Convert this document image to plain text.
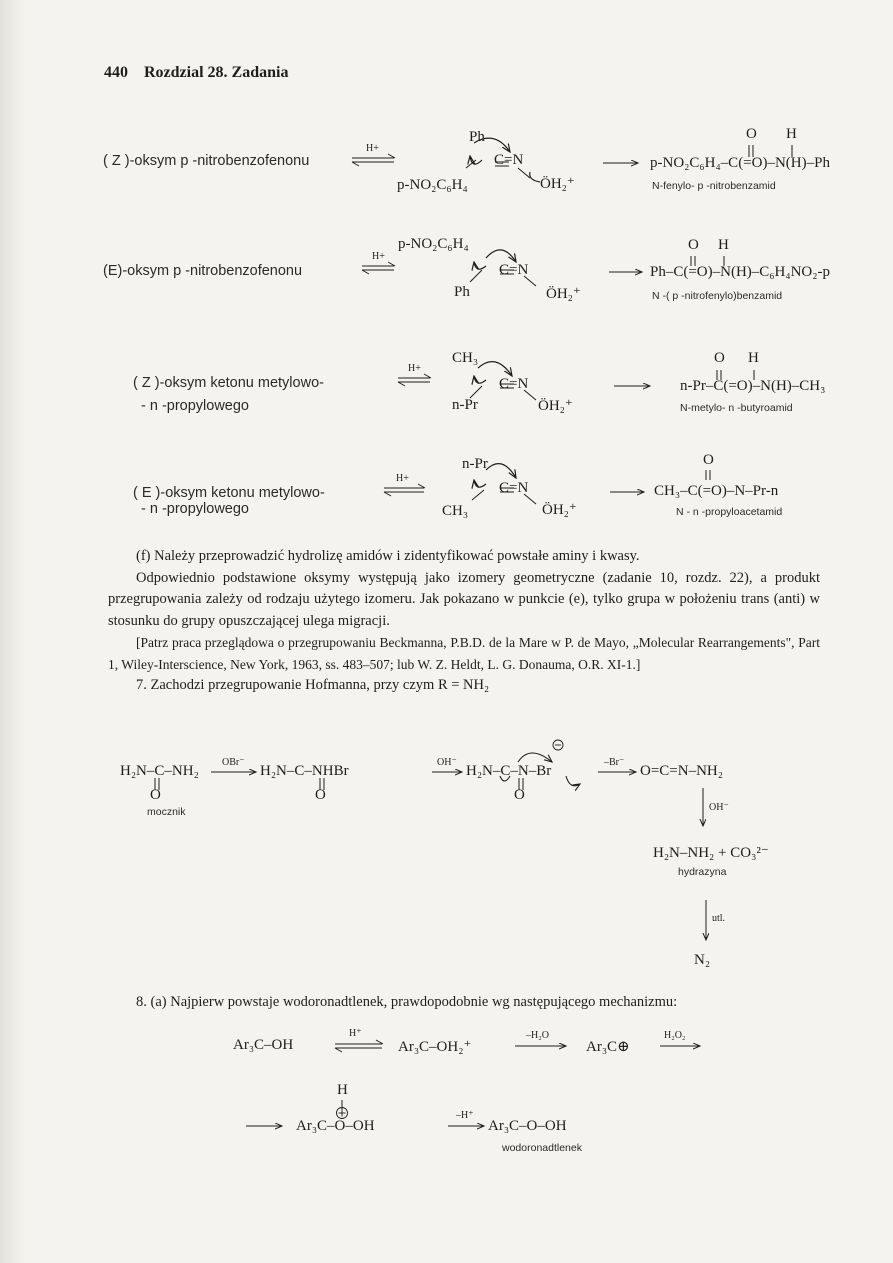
440 Rozdzial 28. Zadania
( Z )-oksym p -nitrobenzofenonu
H+
Ph
C=N
p-NO₂C₆H₄	ÖH₂⁺
O H
p-NO₂C₆H₄–C(=O)–N(H)–Ph
N-fenylo- p -nitrobenzamid
(E)-oksym p -nitrobenzofenonu
H+
p-NO₂C₆H₄
C=N
Ph	ÖH₂⁺
O H
Ph–C(=O)–N(H)–C₆H₄NO₂-p
N -( p -nitrofenylo)benzamid
( Z )-oksym ketonu metylowo-
- n -propylowego
H+
CH₃
C=N
n-Pr	ÖH₂⁺
O H
n-Pr–C(=O)–N(H)–CH₃
N-metylo- n -butyroamid
( E )-oksym ketonu metylowo-
- n -propylowego
H+
n-Pr
C=N
CH₃	ÖH₂⁺
O
CH₃–C(=O)–N–Pr-n
N - n -propyloacetamid

(f) Należy przeprowadzić hydrolizę amidów i zidentyfikować powstałe aminy i kwasy.

Odpowiednio podstawione oksymy występują jako izomery geometryczne (zadanie 10, rozdz. 22), a produkt przegrupowania zależy od rodzaju użytego izomeru. Jak pokazano w punkcie (e), tylko grupa w położeniu trans (anti) w stosunku do grupy opuszczającej ulega migracji.

[Patrz praca przeglądowa o przegrupowaniu Beckmanna, P.B.D. de la Mare w P. de Mayo, „Molecular Rearrangements", Part 1, Wiley-Interscience, New York, 1963, ss. 483–507; lub W. Z. Heldt, L. G. Donauma, O.R. XI-1.]

7. Zachodzi przegrupowanie Hofmanna, przy czym R = NH₂

H₂N–C–NH₂
O
mocznik
OBr⁻
H₂N–C–NHBr
O
OH⁻
H₂N–C–N–Br
O
–Br⁻
O=C=N–NH₂
OH⁻
H₂N–NH₂ + CO₃²⁻
hydrazyna
utl.
N₂
8. (a) Najpierw powstaje wodoronadtlenek, prawdopodobnie wg następującego mechanizmu:
Ar₃C–OH
H⁺
Ar₃C–OH₂⁺
–H₂O
Ar₃C⊕
H₂O₂
H
Ar₃C–O–OH
–H⁺
Ar₃C–O–OH
wodoronadtlenek
